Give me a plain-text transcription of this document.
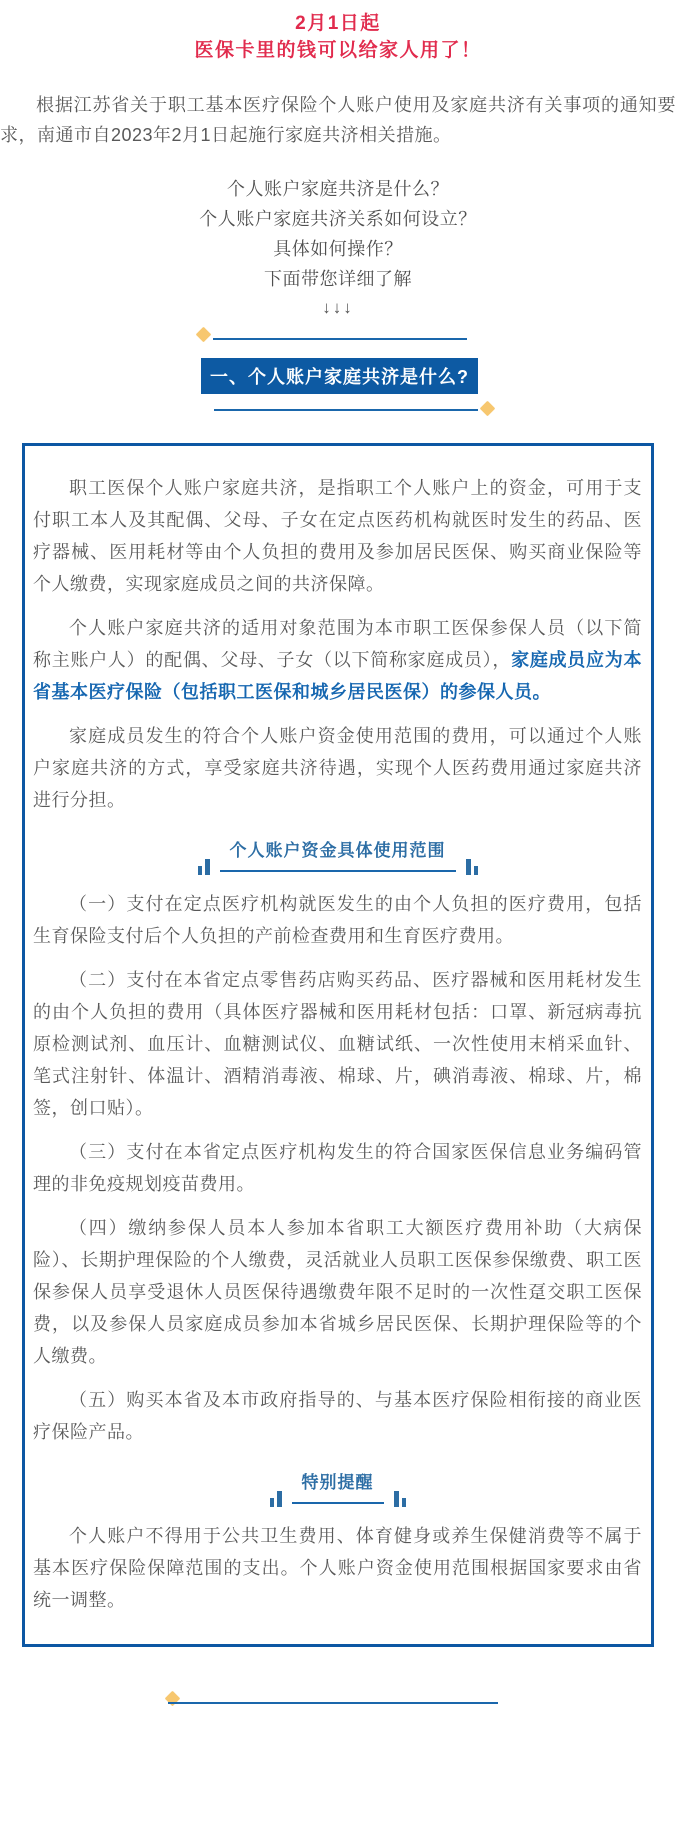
2月1日起
医保卡里的钱可以给家人用了！

根据江苏省关于职工基本医疗保险个人账户使用及家庭共济有关事项的通知要求，南通市自2023年2月1日起施行家庭共济相关措施。

个人账户家庭共济是什么？
个人账户家庭共济关系如何设立？
具体如何操作？
下面带您详细了解
↓↓↓
一、个人账户家庭共济是什么?

职工医保个人账户家庭共济，是指职工个人账户上的资金，可用于支付职工本人及其配偶、父母、子女在定点医药机构就医时发生的药品、医疗器械、医用耗材等由个人负担的费用及参加居民医保、购买商业保险等个人缴费，实现家庭成员之间的共济保障。

个人账户家庭共济的适用对象范围为本市职工医保参保人员（以下简称主账户人）的配偶、父母、子女（以下简称家庭成员），家庭成员应为本省基本医疗保险（包括职工医保和城乡居民医保）的参保人员。

家庭成员发生的符合个人账户资金使用范围的费用，可以通过个人账户家庭共济的方式，享受家庭共济待遇，实现个人医药费用通过家庭共济进行分担。

个人账户资金具体使用范围

（一）支付在定点医疗机构就医发生的由个人负担的医疗费用，包括生育保险支付后个人负担的产前检查费用和生育医疗费用。

（二）支付在本省定点零售药店购买药品、医疗器械和医用耗材发生的由个人负担的费用（具体医疗器械和医用耗材包括：口罩、新冠病毒抗原检测试剂、血压计、血糖测试仪、血糖试纸、一次性使用末梢采血针、笔式注射针、体温计、酒精消毒液、棉球、片，碘消毒液、棉球、片，棉签，创口贴）。

（三）支付在本省定点医疗机构发生的符合国家医保信息业务编码管理的非免疫规划疫苗费用。

（四）缴纳参保人员本人参加本省职工大额医疗费用补助（大病保险）、长期护理保险的个人缴费，灵活就业人员职工医保参保缴费、职工医保参保人员享受退休人员医保待遇缴费年限不足时的一次性趸交职工医保费，以及参保人员家庭成员参加本省城乡居民医保、长期护理保险等的个人缴费。

（五）购买本省及本市政府指导的、与基本医疗保险相衔接的商业医疗保险产品。

特别提醒

个人账户不得用于公共卫生费用、体育健身或养生保健消费等不属于基本医疗保险保障范围的支出。个人账户资金使用范围根据国家要求由省统一调整。
